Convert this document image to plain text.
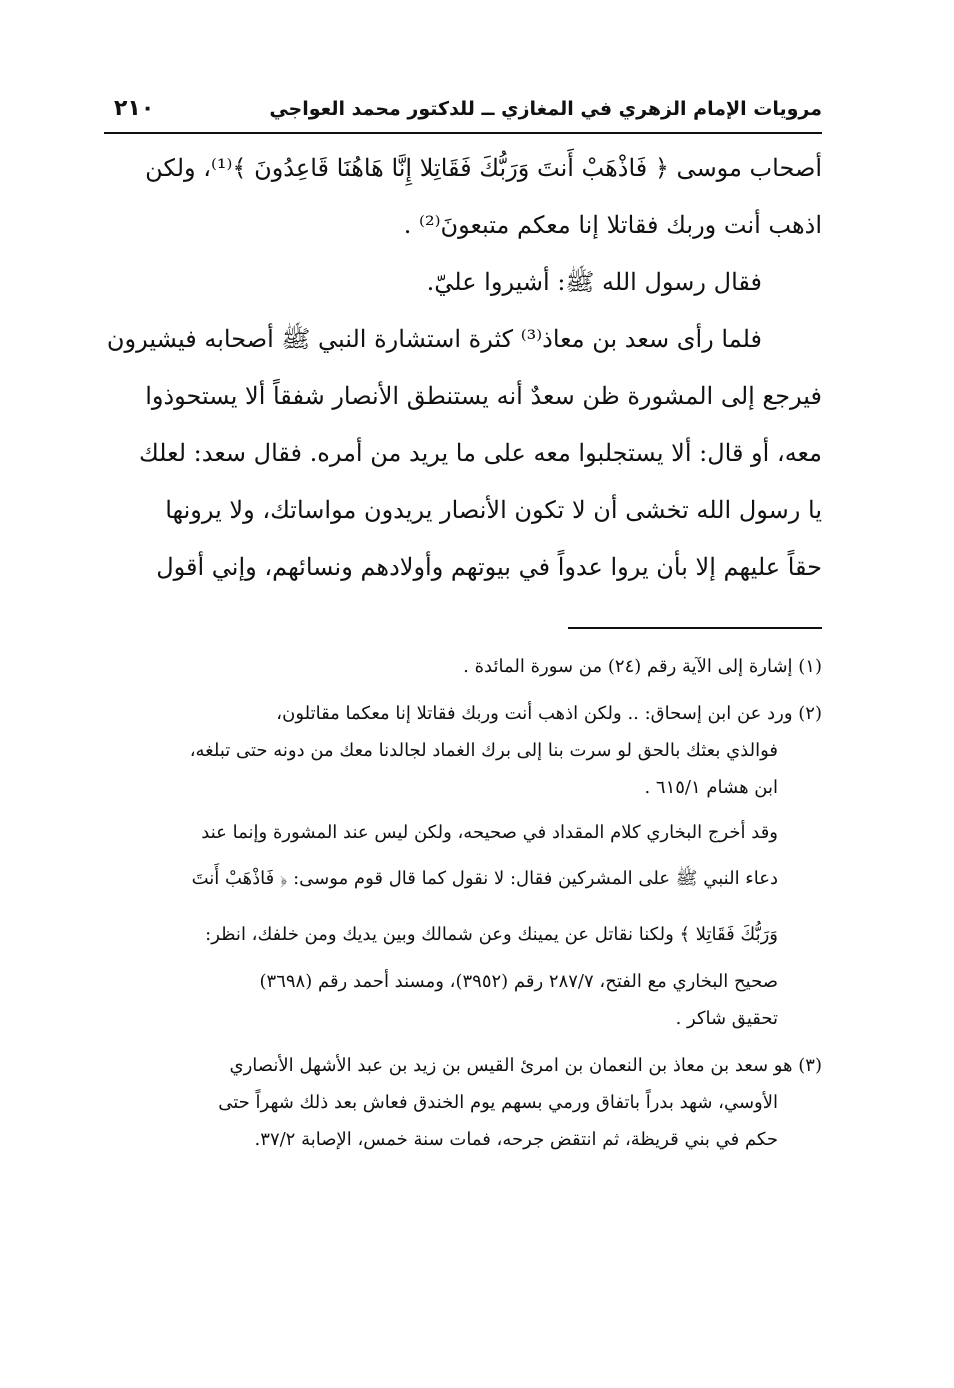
مرويات الإمام الزهري في المغازي ــ للدكتور محمد العواجي
٢١٠
أصحاب موسى ﴿ فَاذْهَبْ أَنتَ وَرَبُّكَ فَقَاتِلا إِنَّا هَاهُنَا قَاعِدُونَ ﴾⁽¹⁾، ولكن
اذهب أنت وربك فقاتلا إنا معكم متبعونَ⁽²⁾ .
فقال رسول الله ﷺ: أشيروا عليّ.
فلما رأى سعد بن معاذ⁽³⁾ كثرة استشارة النبي ﷺ أصحابه فيشيرون
فيرجع إلى المشورة ظن سعدٌ أنه يستنطق الأنصار شفقاً ألا يستحوذوا
معه، أو قال: ألا يستجلبوا معه على ما يريد من أمره. فقال سعد: لعلك
يا رسول الله تخشى أن لا تكون الأنصار يريدون مواساتك، ولا يرونها
حقاً عليهم إلا بأن يروا عدواً في بيوتهم وأولادهم ونسائهم، وإني أقول
(١) إشارة إلى الآية رقم (٢٤) من سورة المائدة .
(٢) ورد عن ابن إسحاق: .. ولكن اذهب أنت وربك فقاتلا إنا معكما مقاتلون،
فوالذي بعثك بالحق لو سرت بنا إلى برك الغماد لجالدنا معك من دونه حتى تبلغه،
ابن هشام ٦١٥/١ .
وقد أخرج البخاري كلام المقداد في صحيحه، ولكن ليس عند المشورة وإنما عند
دعاء النبي ﷺ على المشركين فقال: لا نقول كما قال قوم موسى: ﴿ فَاذْهَبْ أَنتَ
وَرَبُّكَ فَقَاتِلا ﴾ ولكنا نقاتل عن يمينك وعن شمالك وبين يديك ومن خلفك، انظر:
صحيح البخاري مع الفتح، ٢٨٧/٧ رقم (٣٩٥٢)، ومسند أحمد رقم (٣٦٩٨)
تحقيق شاكر .
(٣) هو سعد بن معاذ بن النعمان بن امرئ القيس بن زيد بن عبد الأشهل الأنصاري
الأوسي، شهد بدراً باتفاق ورمي بسهم يوم الخندق فعاش بعد ذلك شهراً حتى
حكم في بني قريظة، ثم انتقض جرحه، فمات سنة خمس، الإصابة ٣٧/٢.
